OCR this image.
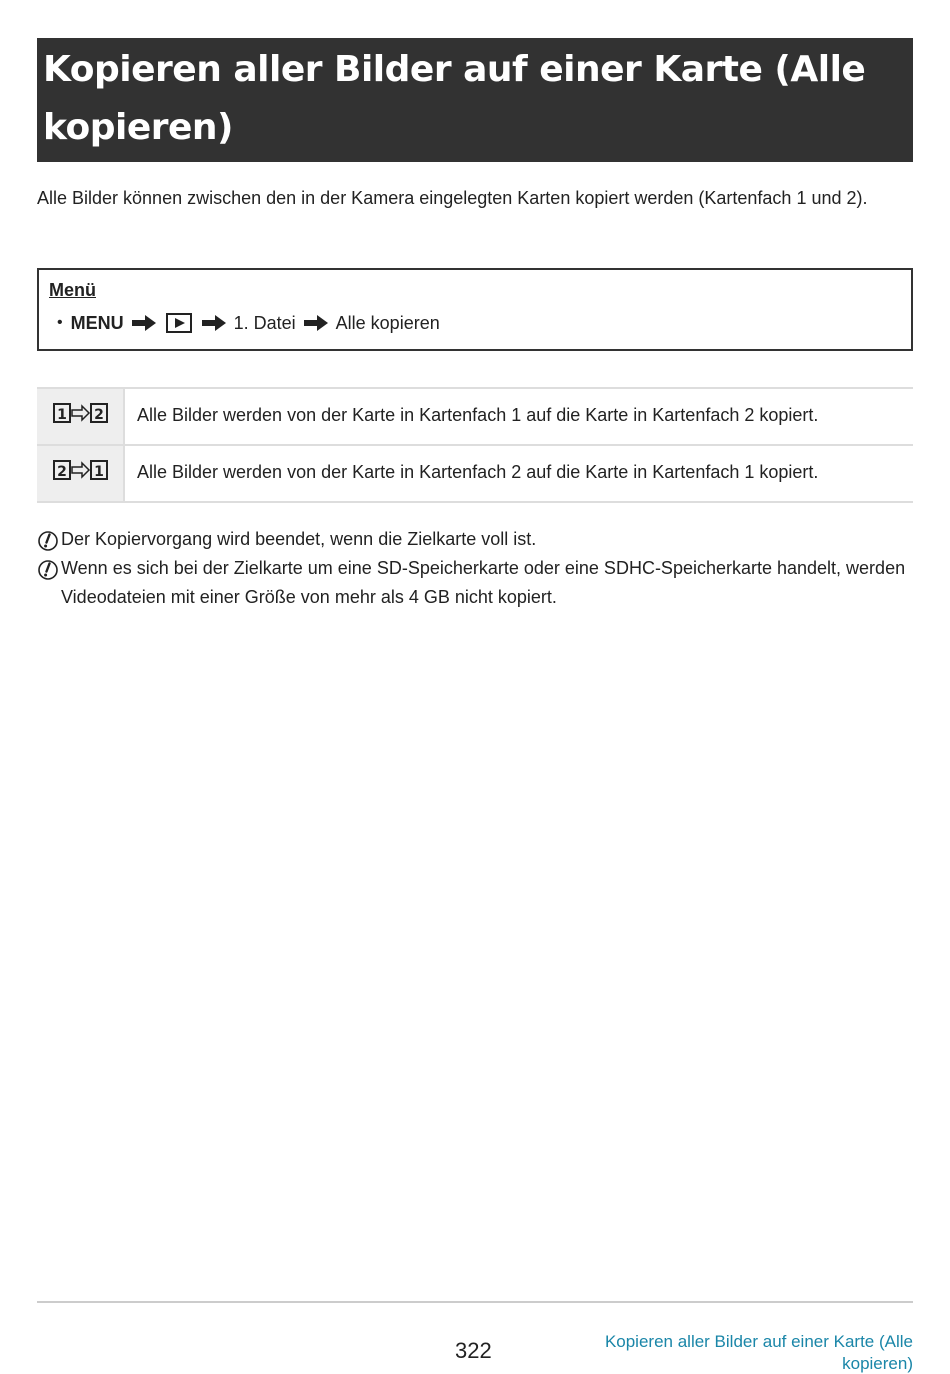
Kopieren aller Bilder auf einer Karte (Alle kopieren)

Alle Bilder können zwischen den in der Kamera eingelegten Karten kopiert werden (Kartenfach 1 und 2).

Menü
• MENU	1. Datei Alle kopieren
1 2	Alle Bilder werden von der Karte in Kartenfach 1 auf die Karte in Kartenfach 2 kopiert.
2 1	Alle Bilder werden von der Karte in Kartenfach 2 auf die Karte in Kartenfach 1 kopiert.
Der Kopiervorgang wird beendet, wenn die Zielkarte voll ist.
Wenn es sich bei der Zielkarte um eine SD-Speicherkarte oder eine SDHC-Speicherkarte handelt, werden Videodateien mit einer Größe von mehr als 4 GB nicht kopiert.
322	Kopieren aller Bilder auf einer Karte (Alle kopieren)
